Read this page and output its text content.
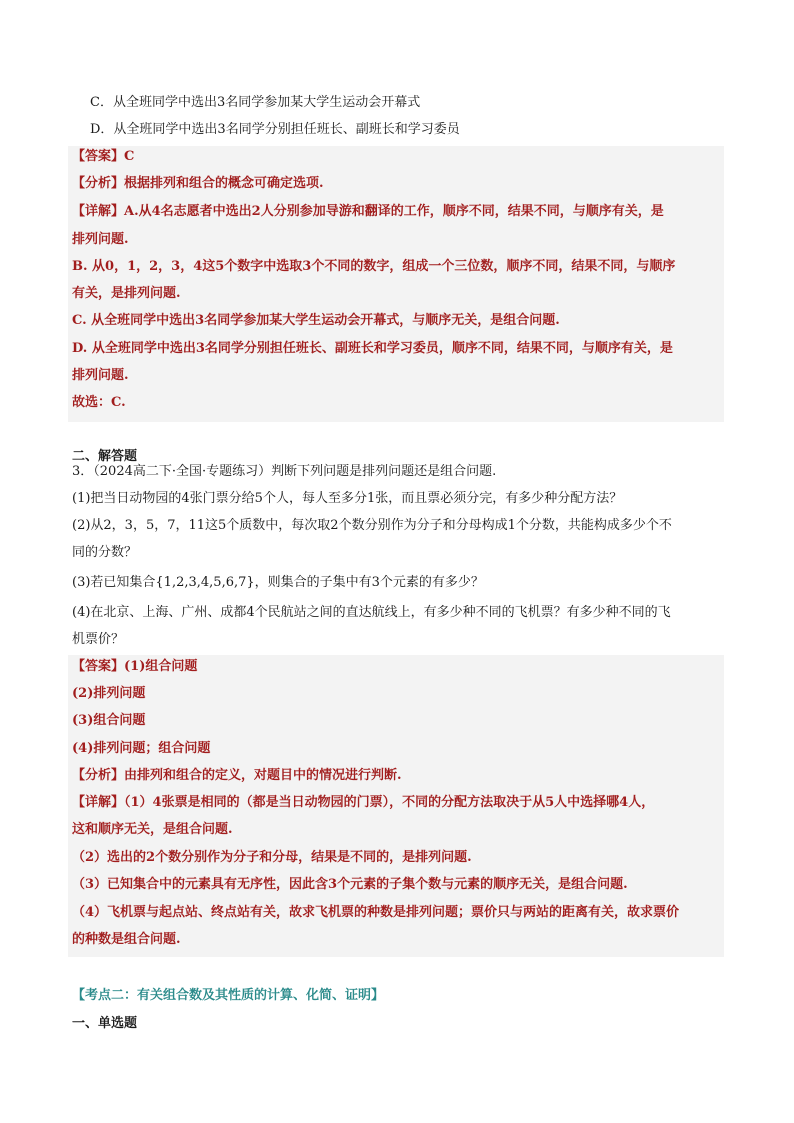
C．从全班同学中选出3名同学参加某大学生运动会开幕式
D．从全班同学中选出3名同学分别担任班长、副班长和学习委员
【答案】C
【分析】根据排列和组合的概念可确定选项.
【详解】A.从4名志愿者中选出2人分别参加导游和翻译的工作，顺序不同，结果不同，与顺序有关，是
排列问题.
B. 从0，1，2，3，4这5个数字中选取3个不同的数字，组成一个三位数，顺序不同，结果不同，与顺序
有关，是排列问题.
C. 从全班同学中选出3名同学参加某大学生运动会开幕式，与顺序无关，是组合问题.
D. 从全班同学中选出3名同学分别担任班长、副班长和学习委员，顺序不同，结果不同，与顺序有关，是
排列问题.
故选：C.
二、解答题
3．（2024高二下·全国·专题练习）判断下列问题是排列问题还是组合问题.
(1)把当日动物园的4张门票分给5个人，每人至多分1张，而且票必须分完，有多少种分配方法？
(2)从2，3，5，7，11这5个质数中，每次取2个数分别作为分子和分母构成1个分数，共能构成多少个不
同的分数？
(3)若已知集合{1,2,3,4,5,6,7}，则集合的子集中有3个元素的有多少？
(4)在北京、上海、广州、成都4个民航站之间的直达航线上，有多少种不同的飞机票？有多少种不同的飞
机票价？
【答案】(1)组合问题
(2)排列问题
(3)组合问题
(4)排列问题；组合问题
【分析】由排列和组合的定义，对题目中的情况进行判断.
【详解】（1）4张票是相同的（都是当日动物园的门票），不同的分配方法取决于从5人中选择哪4人，
这和顺序无关，是组合问题.
（2）选出的2个数分别作为分子和分母，结果是不同的，是排列问题.
（3）已知集合中的元素具有无序性，因此含3个元素的子集个数与元素的顺序无关，是组合问题.
（4）飞机票与起点站、终点站有关，故求飞机票的种数是排列问题；票价只与两站的距离有关，故求票价
的种数是组合问题.
【考点二：有关组合数及其性质的计算、化简、证明】
一、单选题
